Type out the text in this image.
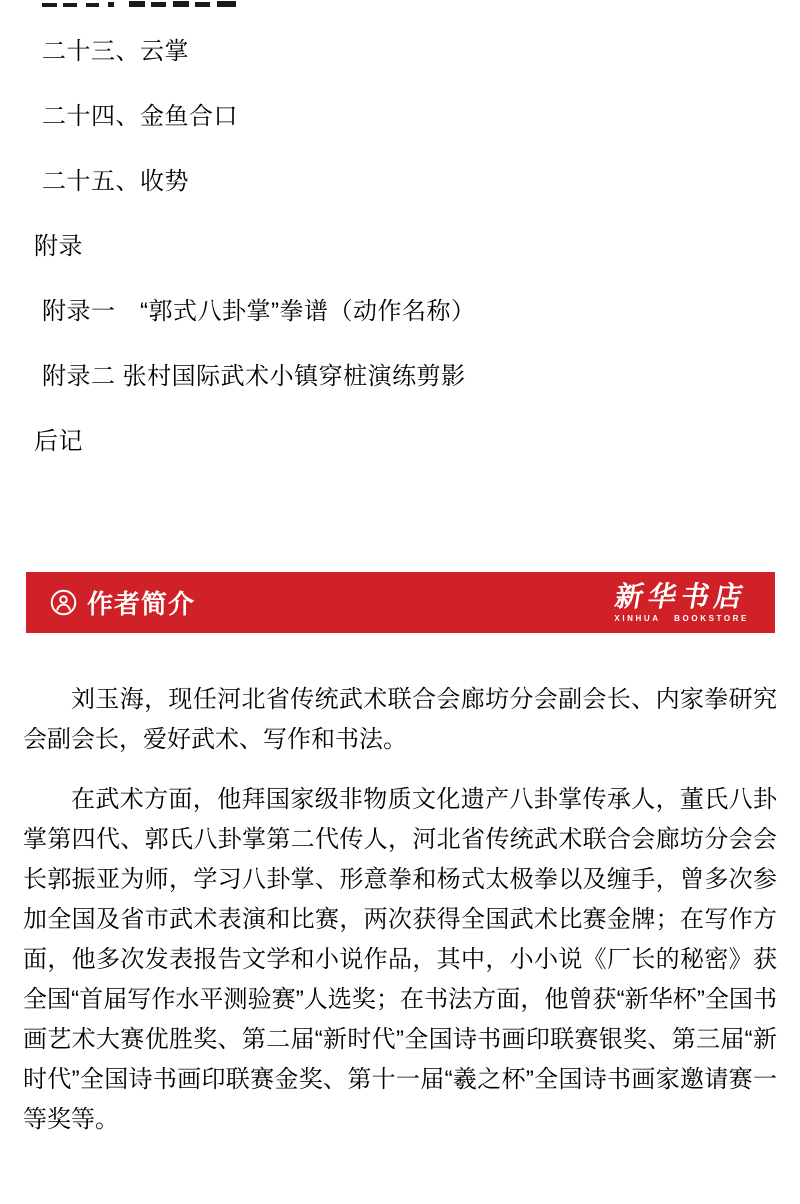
二十三、云掌
二十四、金鱼合口
二十五、收势
附录
附录一　“郭式八卦掌”拳谱（动作名称）
附录二 张村国际武术小镇穿桩演练剪影
后记
作者简介	新华书店
XINHUA BOOKSTORE

刘玉海，现任河北省传统武术联合会廊坊分会副会长、内家拳研究会副会长，爱好武术、写作和书法。

在武术方面，他拜国家级非物质文化遗产八卦掌传承人，董氏八卦掌第四代、郭氏八卦掌第二代传人，河北省传统武术联合会廊坊分会会长郭振亚为师，学习八卦掌、形意拳和杨式太极拳以及缠手，曾多次参加全国及省市武术表演和比赛，两次获得全国武术比赛金牌；在写作方面，他多次发表报告文学和小说作品，其中，小小说《厂长的秘密》获全国“首届写作水平测验赛”人选奖；在书法方面，他曾获“新华杯”全国书画艺术大赛优胜奖、第二届“新时代”全国诗书画印联赛银奖、第三届“新时代”全国诗书画印联赛金奖、第十一届“羲之杯”全国诗书画家邀请赛一等奖等。
